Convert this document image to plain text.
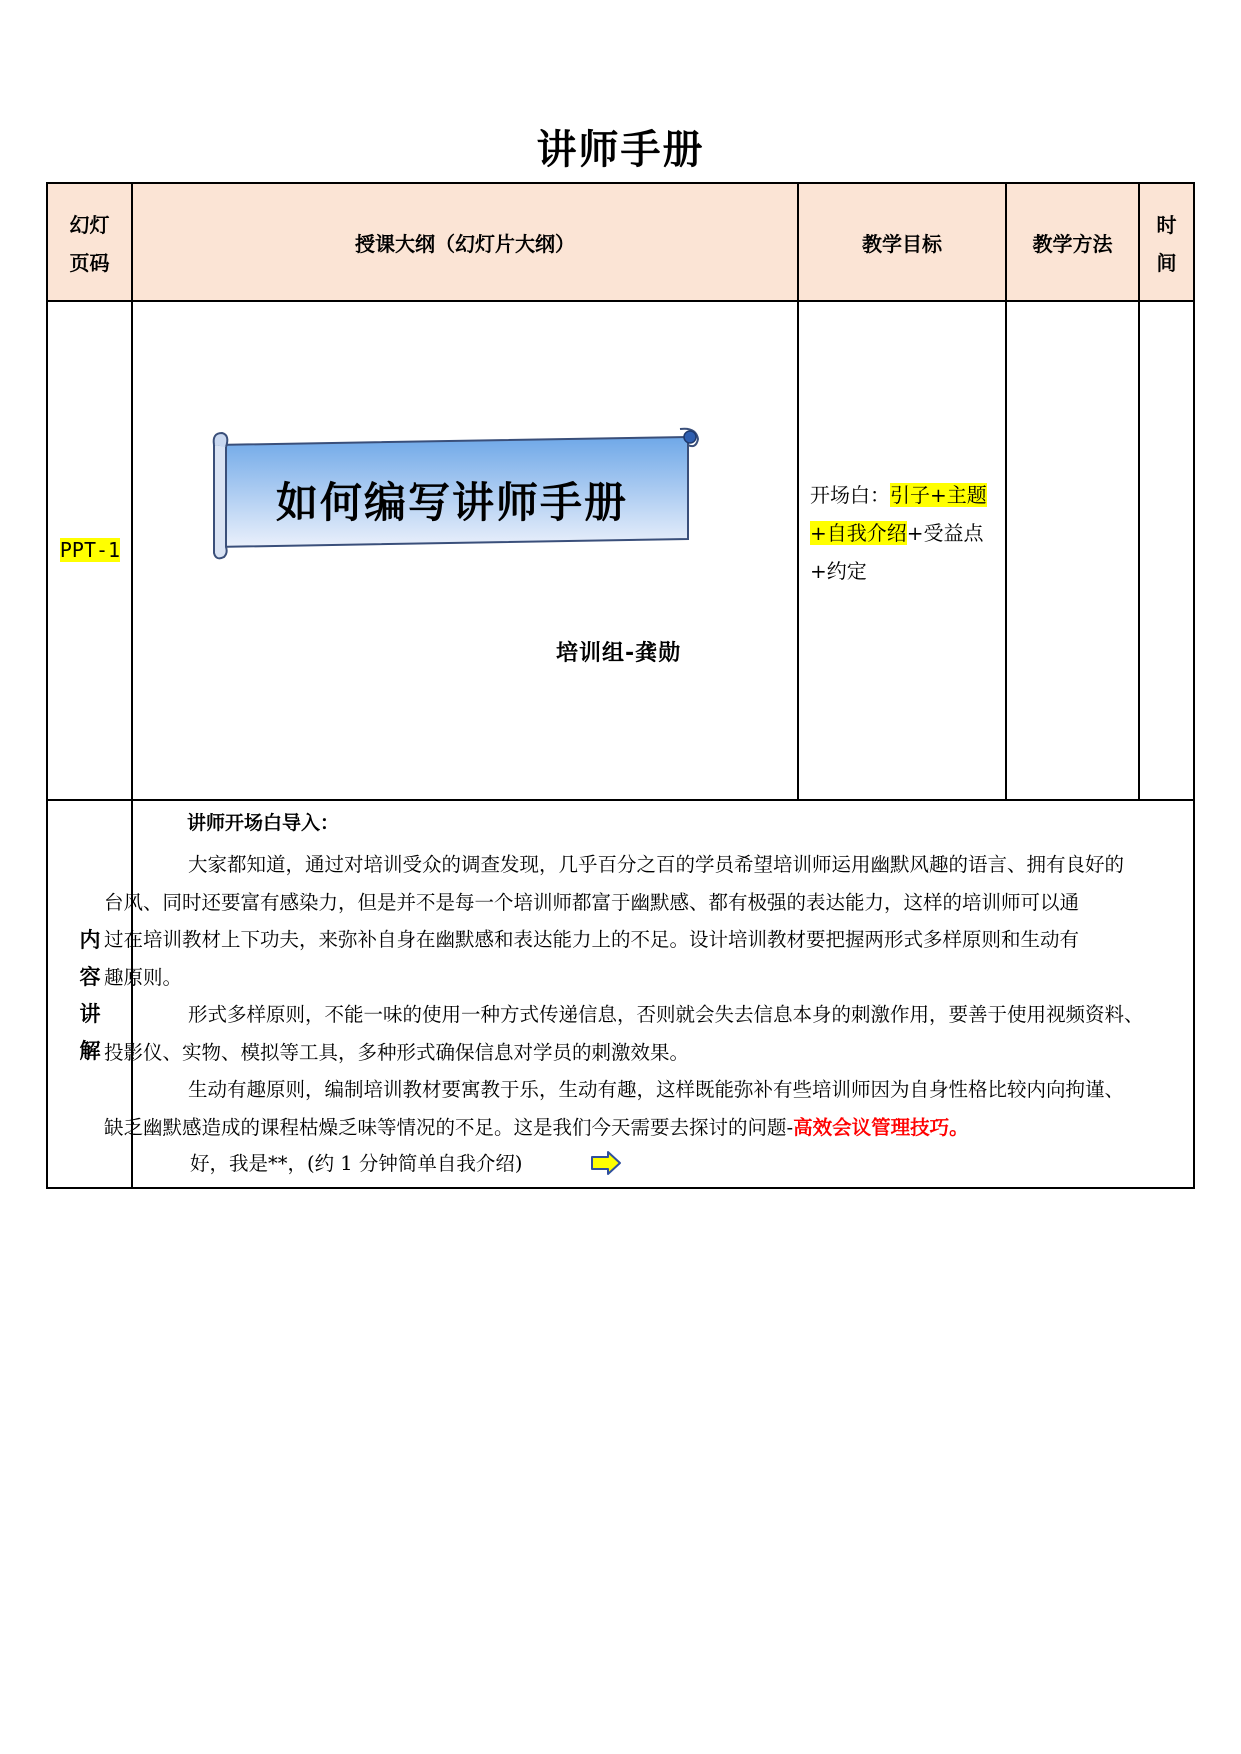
讲师手册
幻灯
页码
授课大纲（幻灯片大纲）	教学目标	教学方法
时
间
PPT-1
如何编写讲师手册
培训组-龚勋
开场白：引子+主题
+自我介绍+受益点+约定
内
容
讲
解
讲师开场白导入：

大家都知道，通过对培训受众的调查发现，几乎百分之百的学员希望培训师运用幽默风趣的语言、拥有良好的
台风、同时还要富有感染力，但是并不是每一个培训师都富于幽默感、都有极强的表达能力，这样的培训师可以通
过在培训教材上下功夫，来弥补自身在幽默感和表达能力上的不足。设计培训教材要把握两形式多样原则和生动有
趣原则。

形式多样原则，不能一味的使用一种方式传递信息，否则就会失去信息本身的刺激作用，要善于使用视频资料、
投影仪、实物、模拟等工具，多种形式确保信息对学员的刺激效果。

生动有趣原则，编制培训教材要寓教于乐，生动有趣，这样既能弥补有些培训师因为自身性格比较内向拘谨、
缺乏幽默感造成的课程枯燥乏味等情况的不足。这是我们今天需要去探讨的问题-高效会议管理技巧。

好，我是**，(约 1 分钟简单自我介绍)
